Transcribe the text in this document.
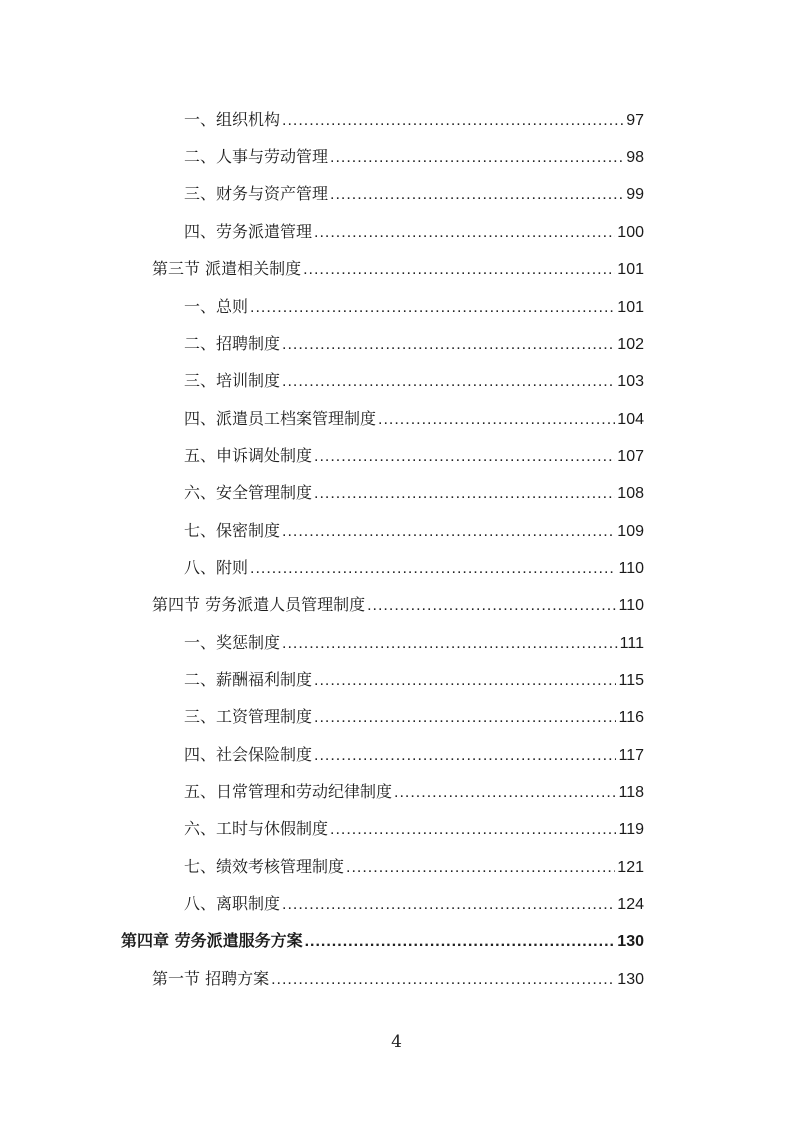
一、组织机构 .....	97
二、人事与劳动管理 .....	98
三、财务与资产管理 .....	99
四、劳务派遣管理 .....	100
第三节 派遣相关制度 .....	101
一、总则 .....	101
二、招聘制度 .....	102
三、培训制度 .....	103
四、派遣员工档案管理制度 .....	104
五、申诉调处制度 .....	107
六、安全管理制度 .....	108
七、保密制度 .....	109
八、附则 .....	110
第四节 劳务派遣人员管理制度 .....	110
一、奖惩制度 .....	111
二、薪酬福利制度 .....	115
三、工资管理制度 .....	116
四、社会保险制度 .....	117
五、日常管理和劳动纪律制度 .....	118
六、工时与休假制度 .....	119
七、绩效考核管理制度 .....	121
八、离职制度 .....	124
第四章 劳务派遣服务方案 .....	130
第一节 招聘方案 .....	130
4
